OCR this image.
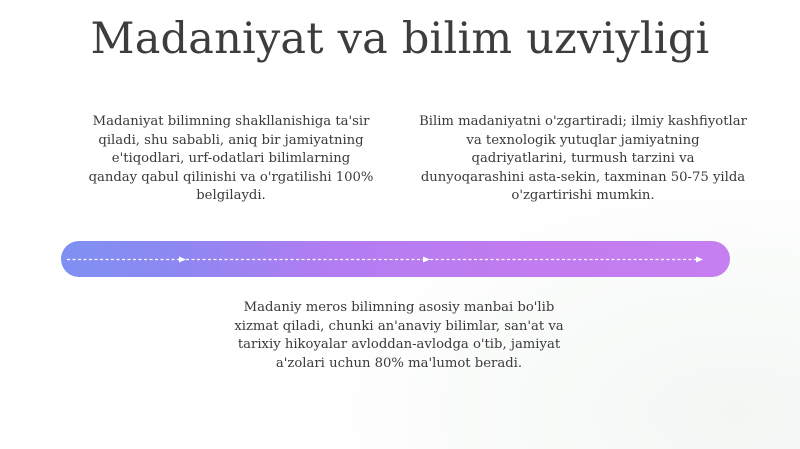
Madaniyat va bilim uzviyligi
Madaniyat bilimning shakllanishiga ta'sir qiladi, shu sababli, aniq bir jamiyatning e'tiqodlari, urf-odatlari bilimlarning qanday qabul qilinishi va o'rgatilishi 100% belgilaydi.
Bilim madaniyatni o'zgartiradi; ilmiy kashfiyotlar va texnologik yutuqlar jamiyatning qadriyatlarini, turmush tarzini va dunyoqarashini asta-sekin, taxminan 50-75 yilda o'zgartirishi mumkin.
Madaniy meros bilimning asosiy manbai bo'lib xizmat qiladi, chunki an'anaviy bilimlar, san'at va tarixiy hikoyalar avloddan-avlodga o'tib, jamiyat a'zolari uchun 80% ma'lumot beradi.
